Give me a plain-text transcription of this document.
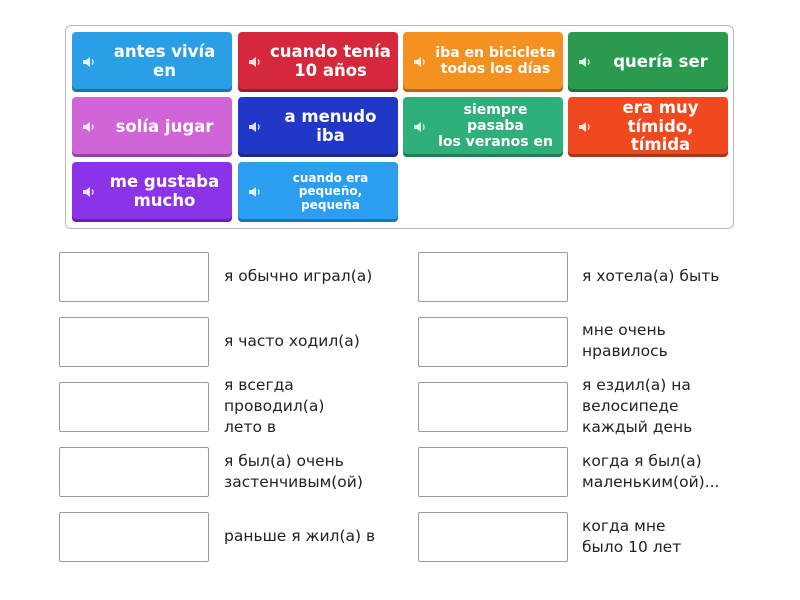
antes vivía en
cuando tenía
10 años
iba en bicicleta
todos los días	quería ser
solía jugar	a menudo iba
siempre pasaba
los veranos en
era muy
tímido, tímida
me gustaba
mucho
cuando era
pequeño,
pequeña
я обычно играл(а)
я часто ходил(а)
я всегда
проводил(а)
лето в
я был(а) очень
застенчивым(ой)
раньше я жил(а) в
я хотела(а) быть
мне очень
нравилось
я ездил(а) на
велосипеде
каждый день
когда я был(а)
маленьким(ой)...
когда мне
было 10 лет
